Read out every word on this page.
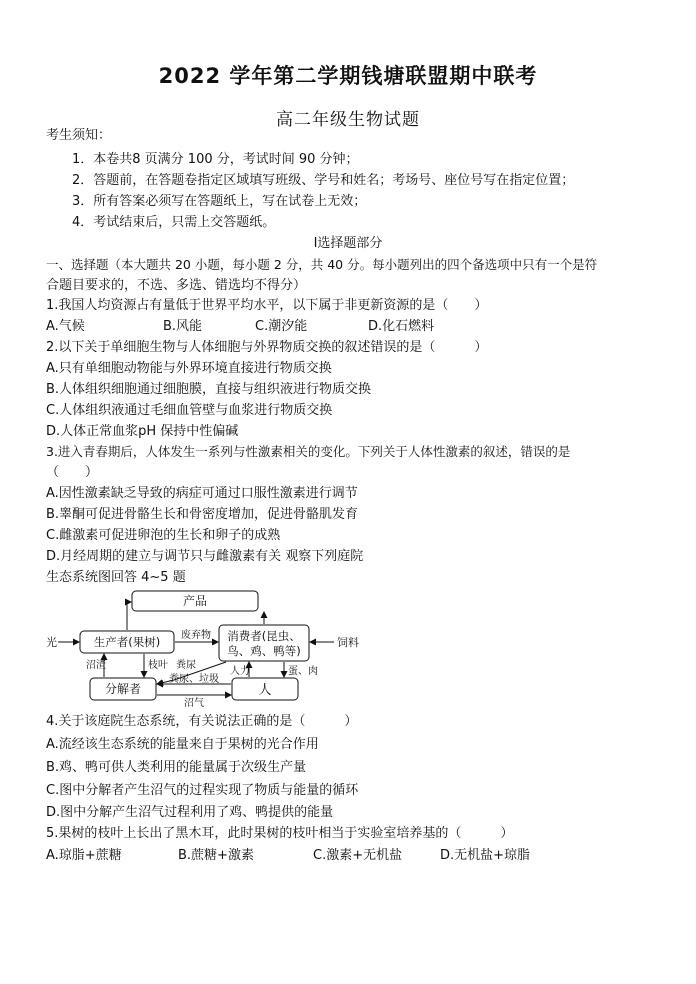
2022 学年第二学期钱塘联盟期中联考
高二年级生物试题
考生须知：
1．本卷共8 页满分 100 分，考试时间 90 分钟；
2．答题前，在答题卷指定区域填写班级、学号和姓名；考场号、座位号写在指定位置；
3．所有答案必须写在答题纸上，写在试卷上无效；
4．考试结束后，只需上交答题纸。
Ⅰ选择题部分
一、选择题（本大题共 20 小题，每小题 2 分，共 40 分。每小题列出的四个备选项中只有一个是符
合题目要求的，不选、多选、错选均不得分）
1.我国人均资源占有量低于世界平均水平，以下属于非更新资源的是（　　）
A.气候	B.风能	C.潮汐能	D.化石燃料
2.以下关于单细胞生物与人体细胞与外界物质交换的叙述错误的是（　　　）
A.只有单细胞动物能与外界环境直接进行物质交换
B.人体组织细胞通过细胞膜，直接与组织液进行物质交换
C.人体组织液通过毛细血管壁与血浆进行物质交换
D.人体正常血浆pH 保持中性偏碱
3.进入青春期后，人体发生一系列与性激素相关的变化。下列关于人体性激素的叙述，错误的是
（　　）
A.因性激素缺乏导致的病症可通过口服性激素进行调节
B.睾酮可促进骨骼生长和骨密度增加，促进骨骼肌发育
C.雌激素可促进卵泡的生长和卵子的成熟
D.月经周期的建立与调节只与雌激素有关 观察下列庭院
生态系统图回答 4~5 题
产品
光	生产者(果树)	消费者(昆虫、
鸟、鸡、鸭等)
饲料
分解者	人
废弃物
沼渣	枝叶 粪尿
人力	蛋、肉
粪尿、垃圾
沼气
4.关于该庭院生态系统，有关说法正确的是（　　　）
A.流经该生态系统的能量来自于果树的光合作用
B.鸡、鸭可供人类利用的能量属于次级生产量
C.图中分解者产生沼气的过程实现了物质与能量的循环
D.图中分解产生沼气过程利用了鸡、鸭提供的能量
5.果树的枝叶上长出了黑木耳，此时果树的枝叶相当于实验室培养基的（　　　）
A.琼脂+蔗糖	B.蔗糖+激素	C.激素+无机盐	D.无机盐+琼脂
